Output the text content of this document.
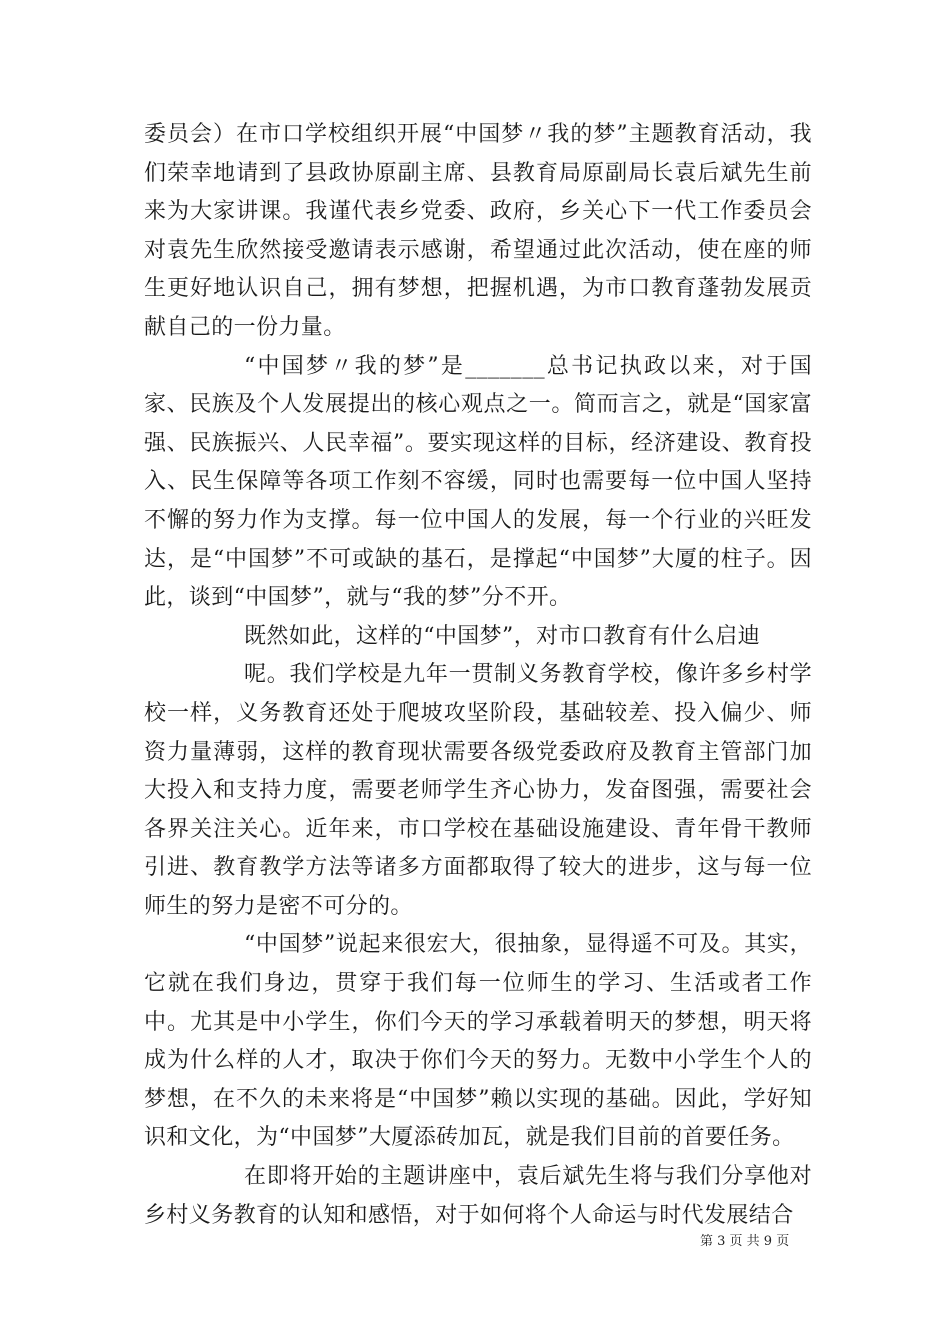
委员会）在市口学校组织开展“中国梦〃我的梦”主题教育活动，我们荣幸地请到了县政协原副主席、县教育局原副局长袁后斌先生前来为大家讲课。我谨代表乡党委、政府，乡关心下一代工作委员会对袁先生欣然接受邀请表示感谢，希望通过此次活动，使在座的师生更好地认识自己，拥有梦想，把握机遇，为市口教育蓬勃发展贡献自己的一份力量。

“中国梦〃我的梦”是_______总书记执政以来，对于国家、民族及个人发展提出的核心观点之一。简而言之，就是“国家富强、民族振兴、人民幸福”。要实现这样的目标，经济建设、教育投入、民生保障等各项工作刻不容缓，同时也需要每一位中国人坚持不懈的努力作为支撑。每一位中国人的发展，每一个行业的兴旺发达，是“中国梦”不可或缺的基石，是撑起“中国梦”大厦的柱子。因此，谈到“中国梦”，就与“我的梦”分不开。

既然如此，这样的“中国梦”，对市口教育有什么启迪

呢。我们学校是九年一贯制义务教育学校，像许多乡村学校一样，义务教育还处于爬坡攻坚阶段，基础较差、投入偏少、师资力量薄弱，这样的教育现状需要各级党委政府及教育主管部门加大投入和支持力度，需要老师学生齐心协力，发奋图强，需要社会各界关注关心。近年来，市口学校在基础设施建设、青年骨干教师引进、教育教学方法等诸多方面都取得了较大的进步，这与每一位师生的努力是密不可分的。

“中国梦”说起来很宏大，很抽象，显得遥不可及。其实，它就在我们身边，贯穿于我们每一位师生的学习、生活或者工作中。尤其是中小学生，你们今天的学习承载着明天的梦想，明天将成为什么样的人才，取决于你们今天的努力。无数中小学生个人的梦想，在不久的未来将是“中国梦”赖以实现的基础。因此，学好知识和文化，为“中国梦”大厦添砖加瓦，就是我们目前的首要任务。

在即将开始的主题讲座中，袁后斌先生将与我们分享他对乡村义务教育的认知和感悟，对于如何将个人命运与时代发展结合

第 3 页 共 9 页
